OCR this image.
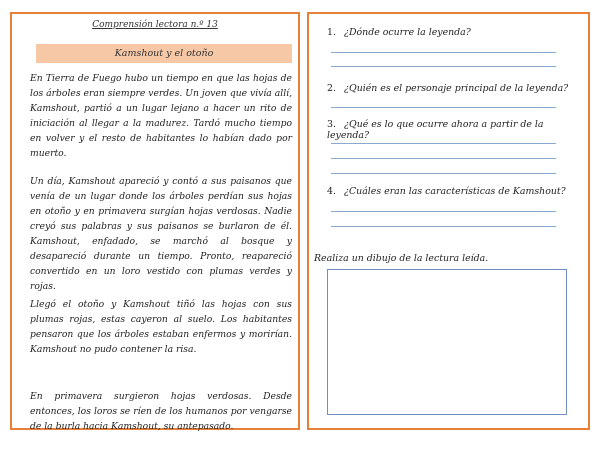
Comprensión lectora n.º 13
Kamshout y el otoño

En Tierra de Fuego hubo un tiempo en que las hojas de los árboles eran siempre verdes. Un joven que vivía allí, Kamshout, partió a un lugar lejano a hacer un rito de iniciación al llegar a la madurez. Tardó mucho tiempo en volver y el resto de habitantes lo habían dado por muerto.

Un día, Kamshout apareció y contó a sus paisanos que venía de un lugar donde los árboles perdían sus hojas en otoño y en primavera surgían hojas verdosas. Nadie creyó sus palabras y sus paisanos se burlaron de él. Kamshout, enfadado, se marchó al bosque y desapareció durante un tiempo. Pronto, reapareció convertido en un loro vestido con plumas verdes y rojas.

Llegó el otoño y Kamshout tiñó las hojas con sus plumas rojas, estas cayeron al suelo. Los habitantes pensaron que los árboles estaban enfermos y morirían. Kamshout no pudo contener la risa.

En primavera surgieron hojas verdosas. Desde entonces, los loros se ríen de los humanos por vengarse de la burla hacia Kamshout, su antepasado.

1. ¿Dónde ocurre la leyenda?
2. ¿Quién es el personaje principal de la leyenda?
3. ¿Qué es lo que ocurre ahora a partir de la leyenda?
4. ¿Cuáles eran las características de Kamshout?
Realiza un dibujo de la lectura leída.
